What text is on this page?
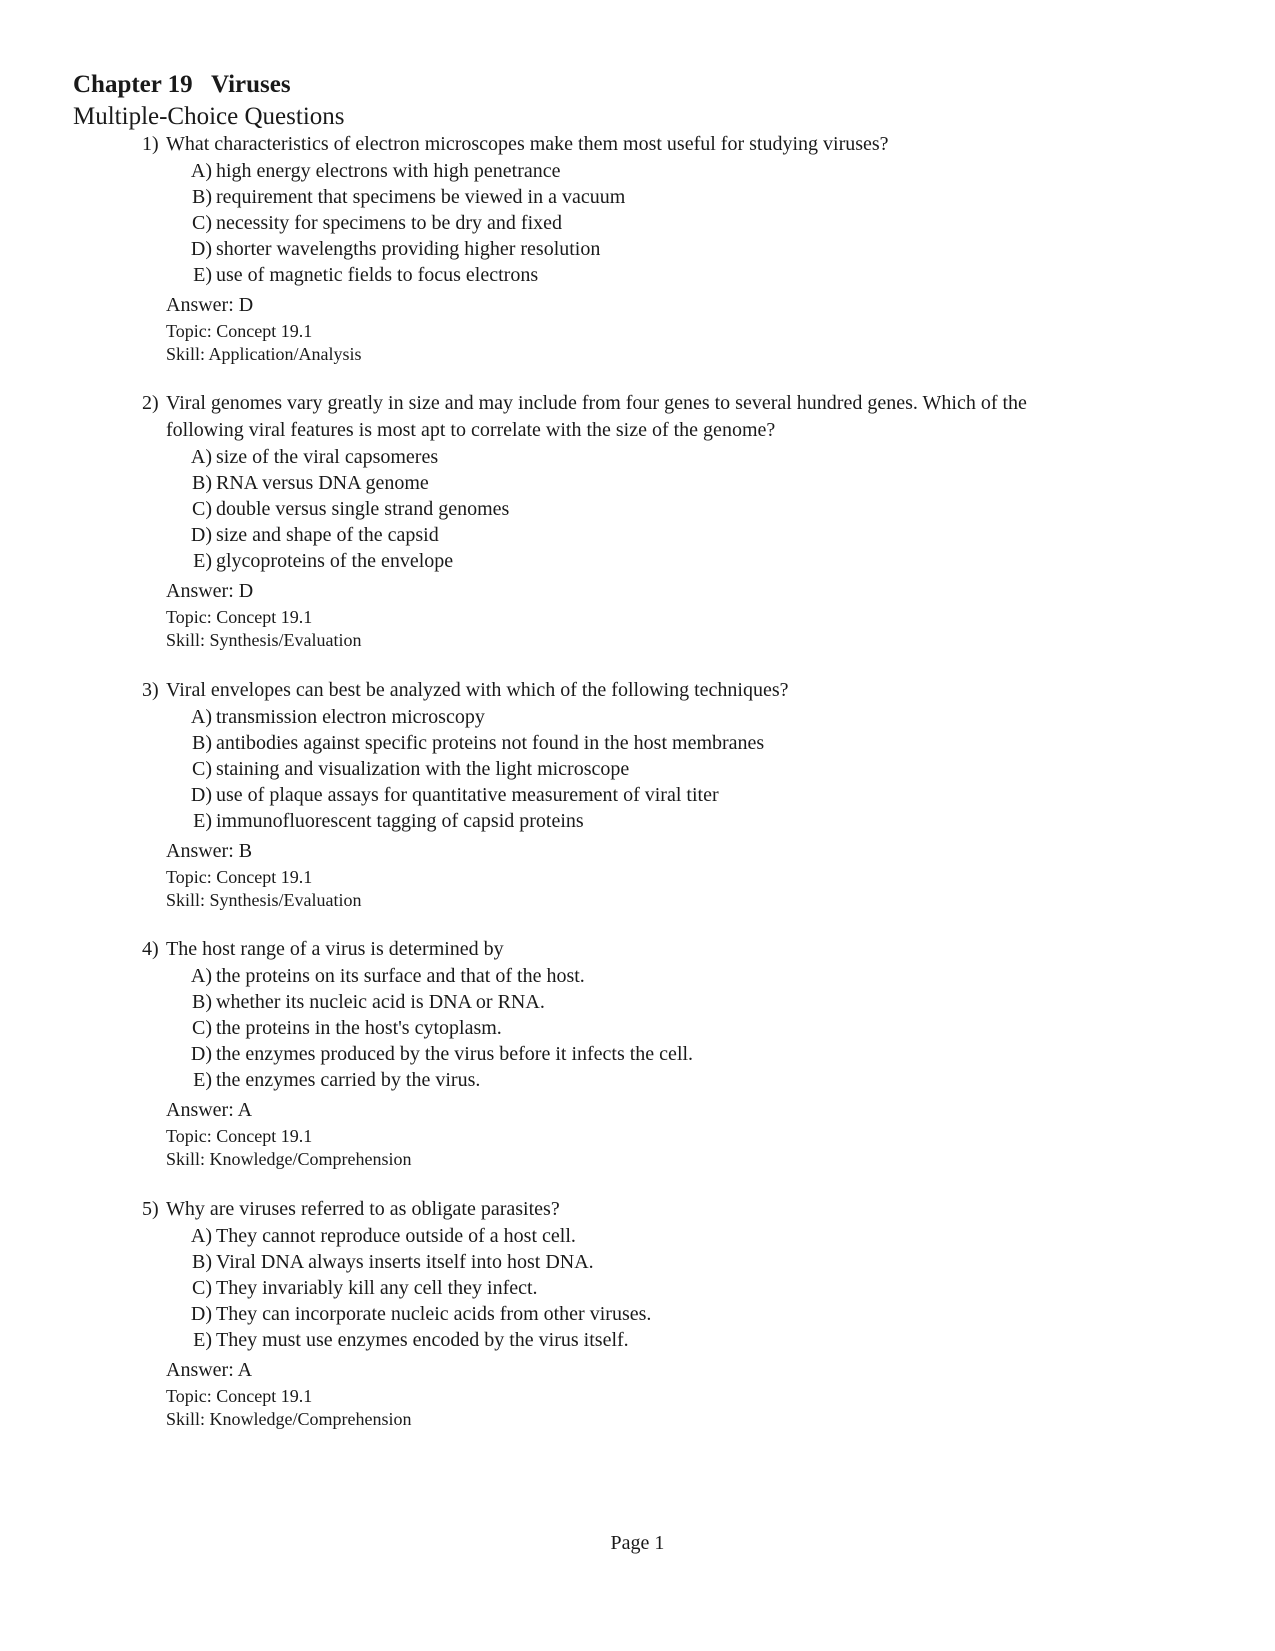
Chapter 19   Viruses
Multiple-Choice Questions
1) What characteristics of electron microscopes make them most useful for studying viruses?
A) high energy electrons with high penetrance
B) requirement that specimens be viewed in a vacuum
C) necessity for specimens to be dry and fixed
D) shorter wavelengths providing higher resolution
E) use of magnetic fields to focus electrons
Answer: D
Topic: Concept 19.1
Skill: Application/Analysis
2) Viral genomes vary greatly in size and may include from four genes to several hundred genes. Which of the
following viral features is most apt to correlate with the size of the genome?
A) size of the viral capsomeres
B) RNA versus DNA genome
C) double versus single strand genomes
D) size and shape of the capsid
E) glycoproteins of the envelope
Answer: D
Topic: Concept 19.1
Skill: Synthesis/Evaluation
3) Viral envelopes can best be analyzed with which of the following techniques?
A) transmission electron microscopy
B) antibodies against specific proteins not found in the host membranes
C) staining and visualization with the light microscope
D) use of plaque assays for quantitative measurement of viral titer
E) immunofluorescent tagging of capsid proteins
Answer: B
Topic: Concept 19.1
Skill: Synthesis/Evaluation
4) The host range of a virus is determined by
A) the proteins on its surface and that of the host.
B) whether its nucleic acid is DNA or RNA.
C) the proteins in the host's cytoplasm.
D) the enzymes produced by the virus before it infects the cell.
E) the enzymes carried by the virus.
Answer: A
Topic: Concept 19.1
Skill: Knowledge/Comprehension
5) Why are viruses referred to as obligate parasites?
A) They cannot reproduce outside of a host cell.
B) Viral DNA always inserts itself into host DNA.
C) They invariably kill any cell they infect.
D) They can incorporate nucleic acids from other viruses.
E) They must use enzymes encoded by the virus itself.
Answer: A
Topic: Concept 19.1
Skill: Knowledge/Comprehension
Page 1
